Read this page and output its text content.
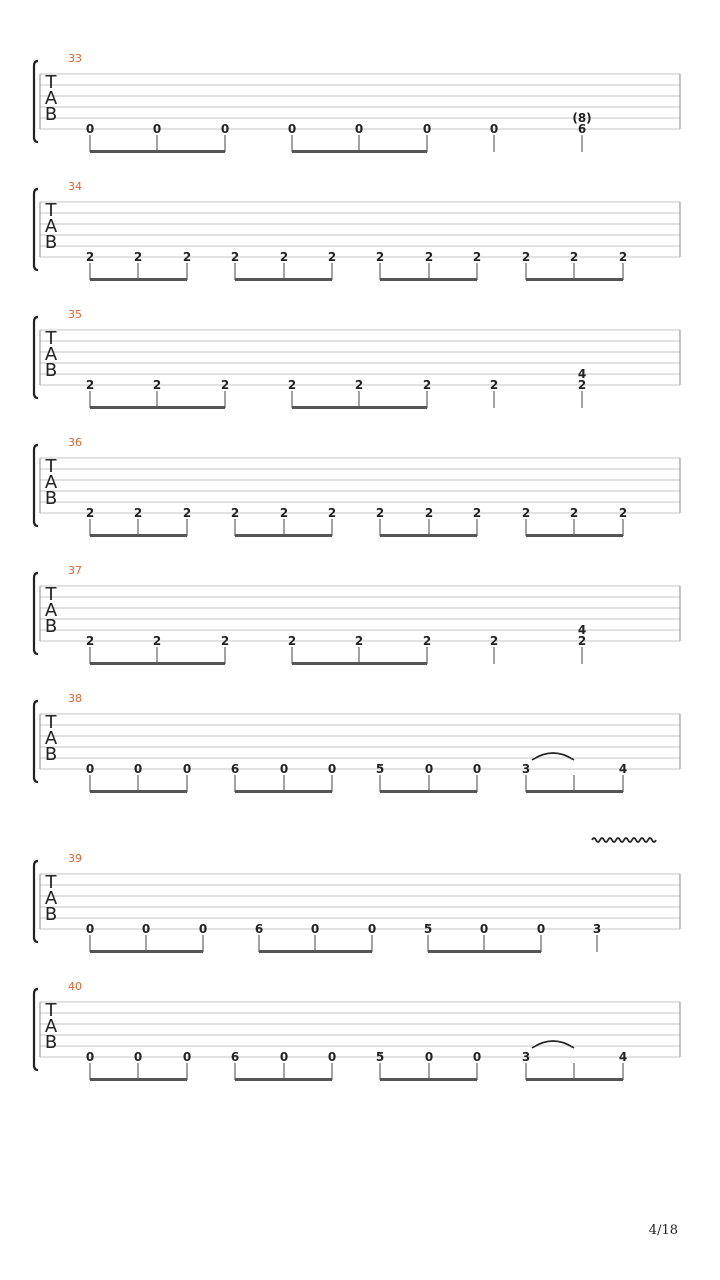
T
A
B
33
0	0	0	0	0	0	0
(8)
6
T
A
B
34
2	2	2	2	2	2	2	2	2	2	2	2
T
A
B
35
2	2	2	2	2	2	2
4
2
T
A
B
36
2	2	2	2	2	2	2	2	2	2	2	2
T
A
B
37
2	2	2	2	2	2	2
4
2
T
A
B
38
0	0	0	6	0	0	5	0	0	3	4
T
A
B
39
0	0	0	6	0	0	5	0	0	3
T
A
B
40
0	0	0	6	0	0	5	0	0	3	4
4/18
